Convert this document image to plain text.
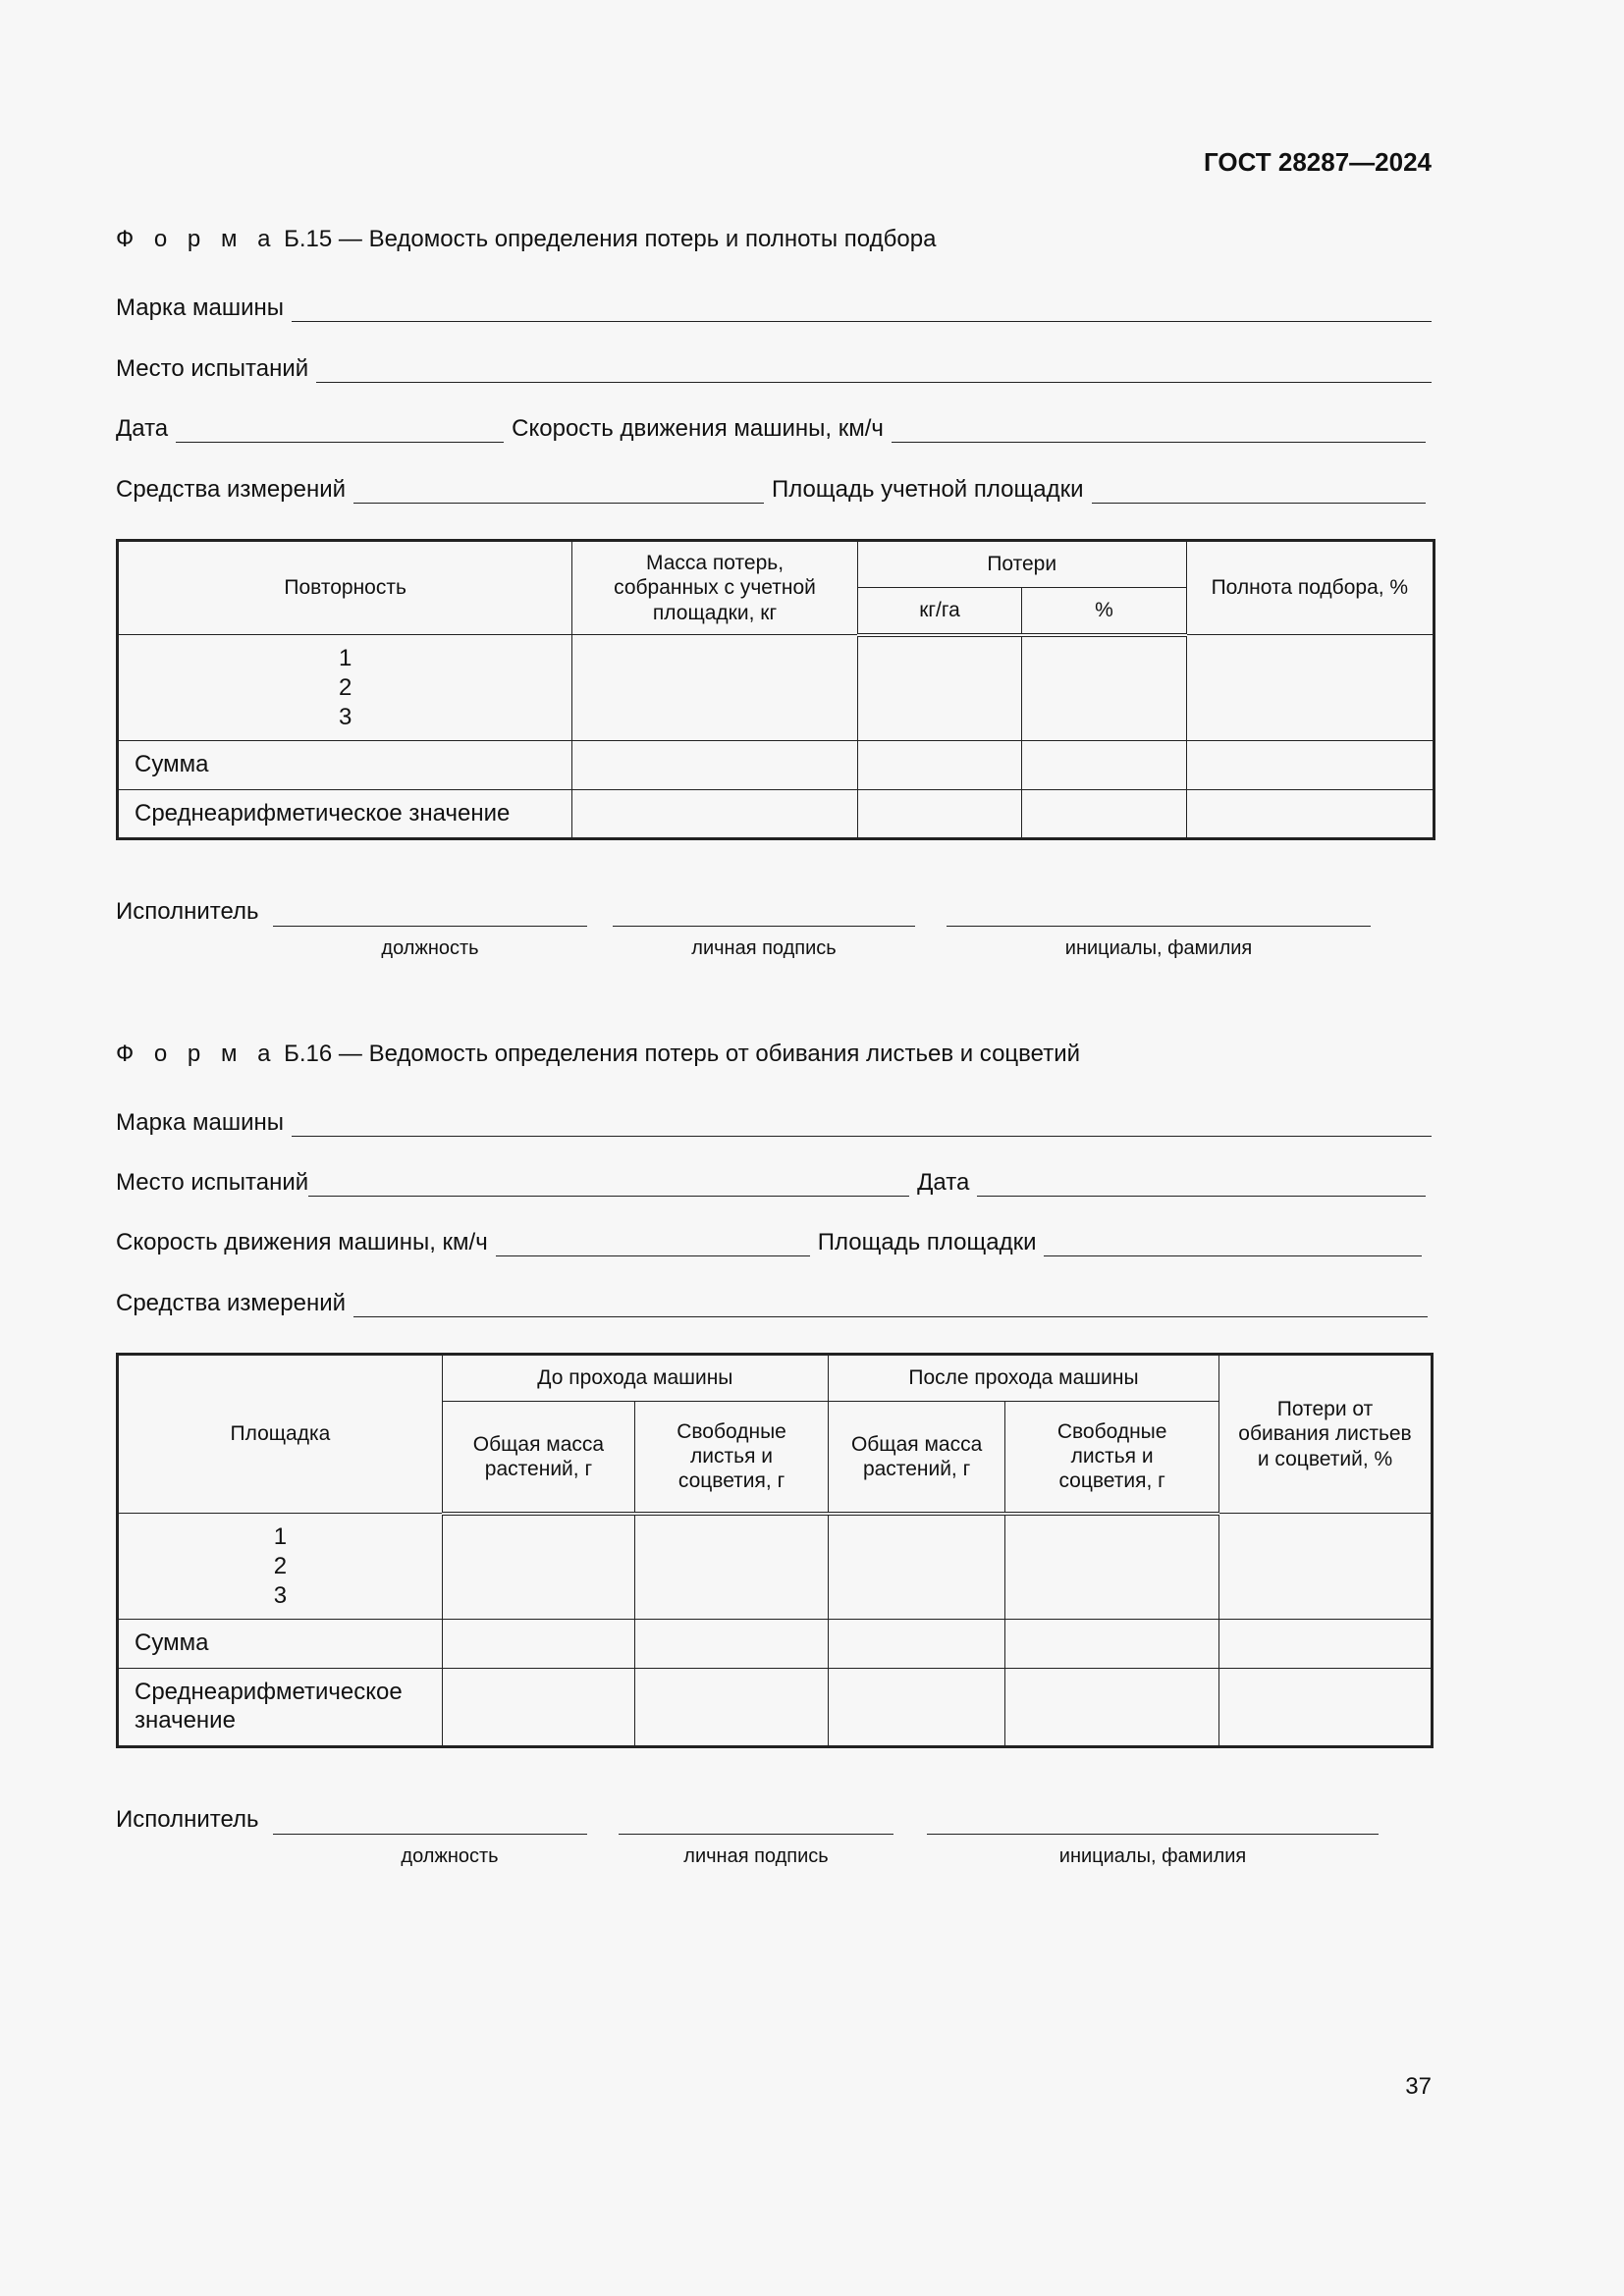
ГОСТ 28287—2024
Ф о р м а Б.15 — Ведомость определения потерь и полноты подбора
Марка машины
Место испытаний
Дата	Скорость движения машины, км/ч
Средства измерений	Площадь учетной площадки
Повторность	Масса потерь, собранных с учетной площадки, кг	Потери		Полнота подбора, %
		кг/га	%	

1
2
3				

Сумма				
Среднеарифметическое значение				
Исполнитель
должность	личная подпись	инициалы, фамилия
Ф о р м а Б.16 — Ведомость определения потерь от обивания листьев и соцветий
Марка машины
Место испытаний	Дата
Скорость движения машины, км/ч	Площадь площадки
Средства измерений
Площадка	До прохода машины		После прохода машины		Потери от обивания листьев и соцветий, %
	Общая масса растений, г	Свободные листья и соцветия, г	Общая масса растений, г	Свободные листья и соцветия, г	

1
2
3					

Сумма					
Среднеарифметическое значение					
Исполнитель
должность	личная подпись	инициалы, фамилия
37
